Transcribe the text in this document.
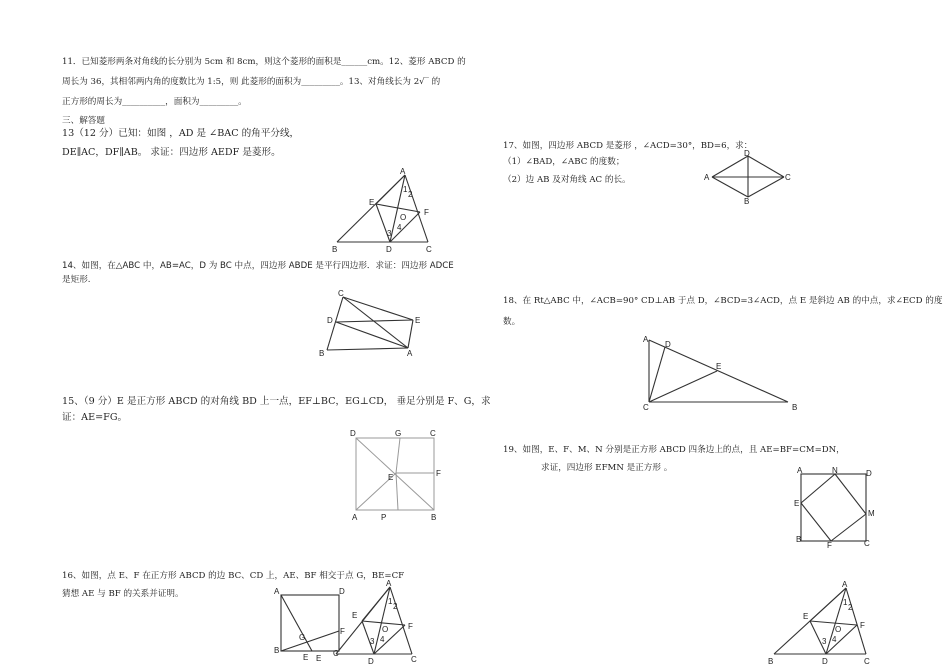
11．已知菱形两条对角线的长分别为 5cm 和 8cm，则这个菱形的面积是______cm。12、菱形 ABCD 的
周长为 36，其相邻两内角的度数比为 1:5，则 此菱形的面积为_________。13、对角线长为 2√‾ 的
正方形的周长为__________，面积为_________。
三、解答题
13（12 分）已知：如图 ，AD 是 ∠BAC 的角平分线，
DE∥AC，DF∥AB。 求证：四边形 AEDF 是菱形。
14、如图，在△ABC 中，AB=AC，D 为 BC 中点，四边形 ABDE 是平行四边形．求证：四边形 ADCE
是矩形.
15、（9 分）E 是正方形 ABCD 的对角线 BD 上一点，EF⊥BC，EG⊥CD， 垂足分别是 F、G，求
证：AE=FG。
16、如图，点 E、F 在正方形 ABCD 的边 BC、CD 上，AE、BF 相交于点 G，BE=CF
猜想 AE 与 BF 的关系并证明。
17、如图，四边形 ABCD 是菱形 ，∠ACD=30°，BD=6，求：
（1）∠BAD，∠ABC 的度数；
（2）边 AB 及对角线 AC 的长。
18、在 Rt△ABC 中，∠ACB=90° CD⊥AB 于点 D，∠BCD=3∠ACD，点 E 是斜边 AB 的中点，求∠ECD 的度
数。
19、如图，E、F、M、N 分别是正方形 ABCD 四条边上的点，且 AE=BF=CM=DN，
求证，四边形 EFMN 是正方形 。
A
1
2
E
F
O
3
4
B	D	C
C
D	E
B	A
D	G	C
F
E
A	P	B
A	D
G
F
B
E	C
E
A
1
2
E
F
O
3 4
D	C
D
A	C
B
A
D
E
C	B
A	N	D
E
M
B
F	C
A
1
2
E
F
O
3 4
B	D	C
